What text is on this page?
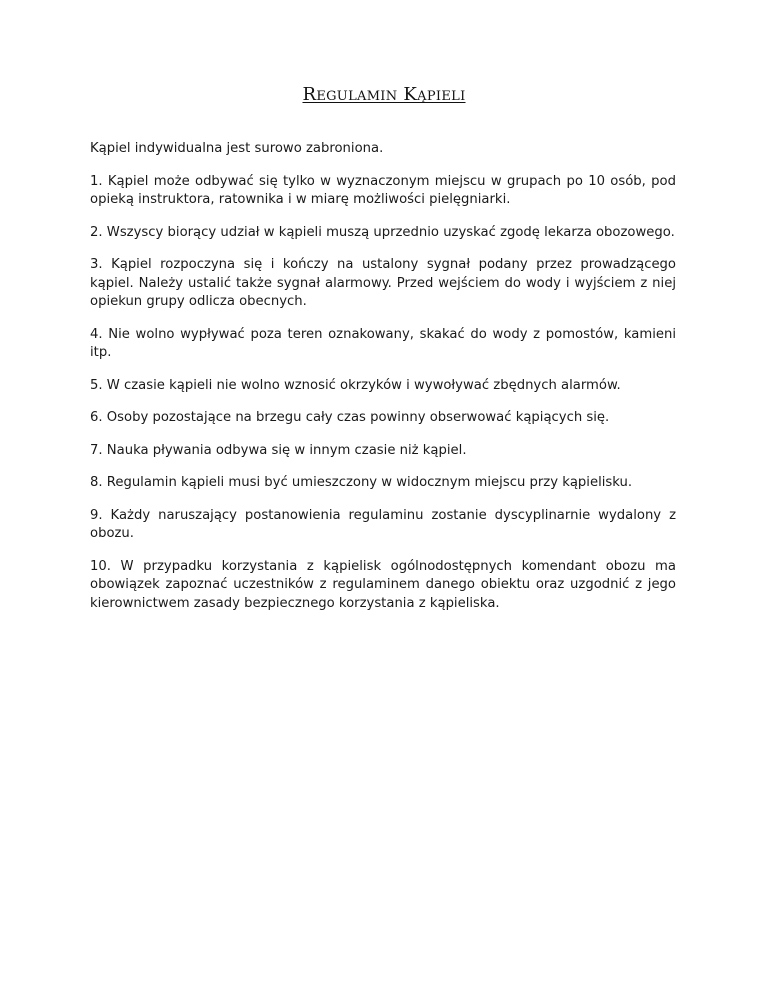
Regulamin Kąpieli

Kąpiel indywidualna jest surowo zabroniona.

1. Kąpiel może odbywać się tylko w wyznaczonym miejscu w grupach po 10 osób, pod opieką instruktora, ratownika i w miarę możliwości pielęgniarki.

2. Wszyscy biorący udział w kąpieli muszą uprzednio uzyskać zgodę lekarza obozowego.

3. Kąpiel rozpoczyna się i kończy na ustalony sygnał podany przez prowadzącego kąpiel. Należy ustalić także sygnał alarmowy. Przed wejściem do wody i wyjściem z niej opiekun grupy odlicza obecnych.

4. Nie wolno wypływać poza teren oznakowany, skakać do wody z pomostów, kamieni itp.

5. W czasie kąpieli nie wolno wznosić okrzyków i wywoływać zbędnych alarmów.

6. Osoby pozostające na brzegu cały czas powinny obserwować kąpiących się.

7. Nauka pływania odbywa się w innym czasie niż kąpiel.

8. Regulamin kąpieli musi być umieszczony w widocznym miejscu przy kąpielisku.

9. Każdy naruszający postanowienia regulaminu zostanie dyscyplinarnie wydalony z obozu.

10. W przypadku korzystania z kąpielisk ogólnodostępnych komendant obozu ma obowiązek zapoznać uczestników z regulaminem danego obiektu oraz uzgodnić z jego kierownictwem zasady bezpiecznego korzystania z kąpieliska.
